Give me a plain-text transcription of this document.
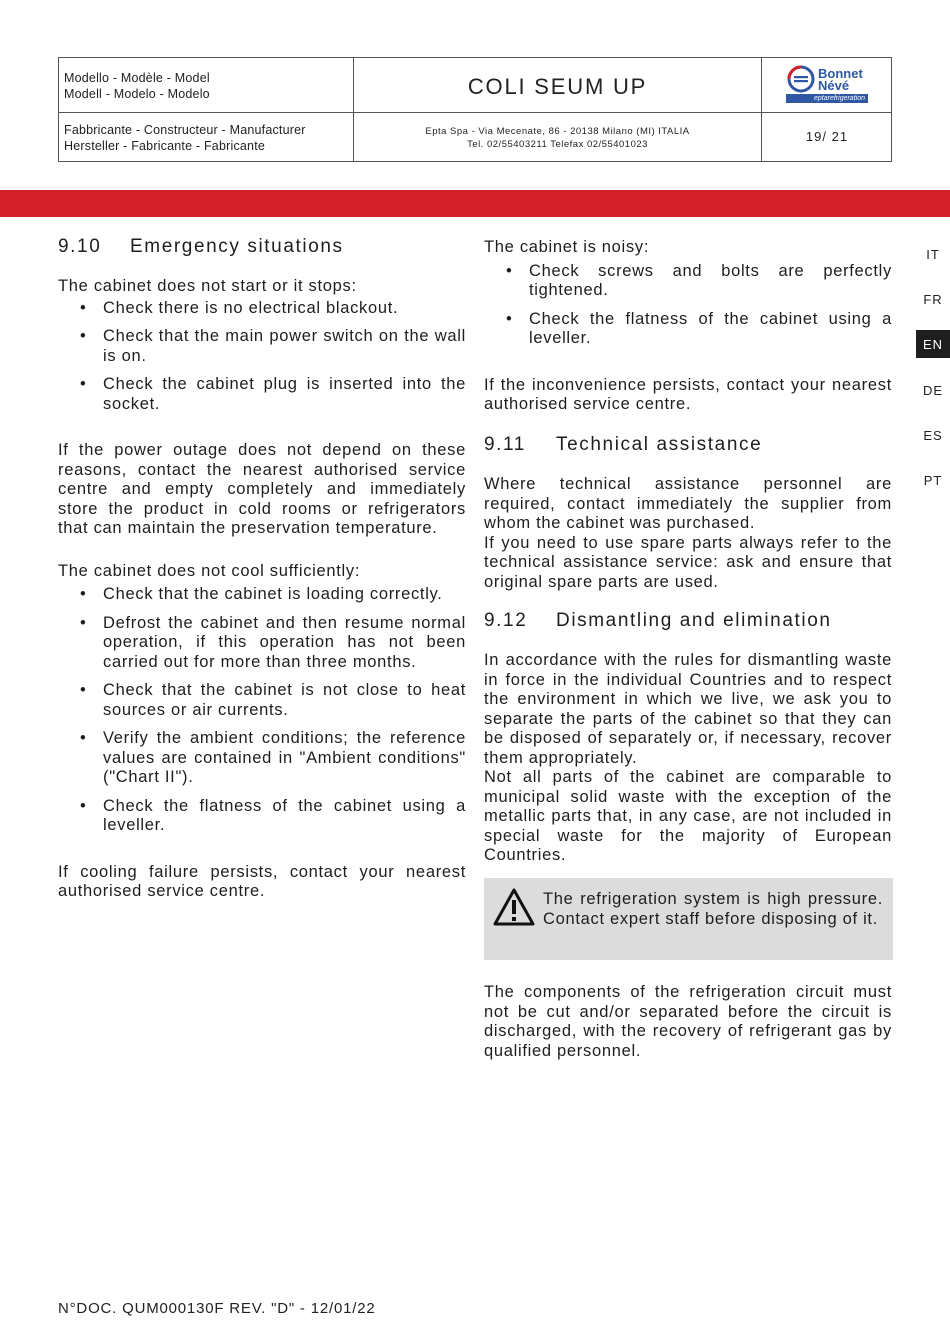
Modello - Modèle - Model
Modell - Modelo - Modelo	COLI SEUM UP
Fabbricante - Constructeur - Manufacturer
Hersteller - Fabricante - Fabricante
Epta Spa - Via Mecenate, 86 - 20138 Milano (MI) ITALIA
Tel. 02/55403211 Telefax 02/55401023
19/ 21
Bonnet
Névé
eptarefrigeration
IT
FR
EN
DE
ES
PT
9.10 Emergency situations

The cabinet does not start or it stops:

• Check there is no electrical blackout.
• Check that the main power switch on the wall is on.
• Check the cabinet plug is inserted into the socket.

If the power outage does not depend on these reasons, contact the nearest authorised service centre and empty completely and immediately store the product in cold rooms or refrigerators that can maintain the preservation temperature.

The cabinet does not cool sufficiently:

• Check that the cabinet is loading correctly.
• Defrost the cabinet and then resume normal operation, if this operation has not been carried out for more than three months.
• Check that the cabinet is not close to heat sources or air currents.
• Verify the ambient conditions; the reference values are contained in "Ambient conditions" ("Chart II").
• Check the flatness of the cabinet using a leveller.

If cooling failure persists, contact your nearest authorised service centre.

The cabinet is noisy:

• Check screws and bolts are perfectly tightened.
• Check the flatness of the cabinet using a leveller.

If the inconvenience persists, contact your nearest authorised service centre.

9.11 Technical assistance

Where technical assistance personnel are required, contact immediately the supplier from whom the cabinet was purchased.

If you need to use spare parts always refer to the technical assistance service: ask and ensure that original spare parts are used.

9.12 Dismantling and elimination

In accordance with the rules for dismantling waste in force in the individual Countries and to respect the environment in which we live, we ask you to separate the parts of the cabinet so that they can be disposed of separately or, if necessary, recover them appropriately.

Not all parts of the cabinet are comparable to municipal solid waste with the exception of the metallic parts that, in any case, are not included in special waste for the majority of European Countries.

The refrigeration system is high pressure. Contact expert staff before disposing of it.

The components of the refrigeration circuit must not be cut and/or separated before the circuit is discharged, with the recovery of refrigerant gas by qualified personnel.

N°DOC. QUM000130F REV. "D" - 12/01/22
